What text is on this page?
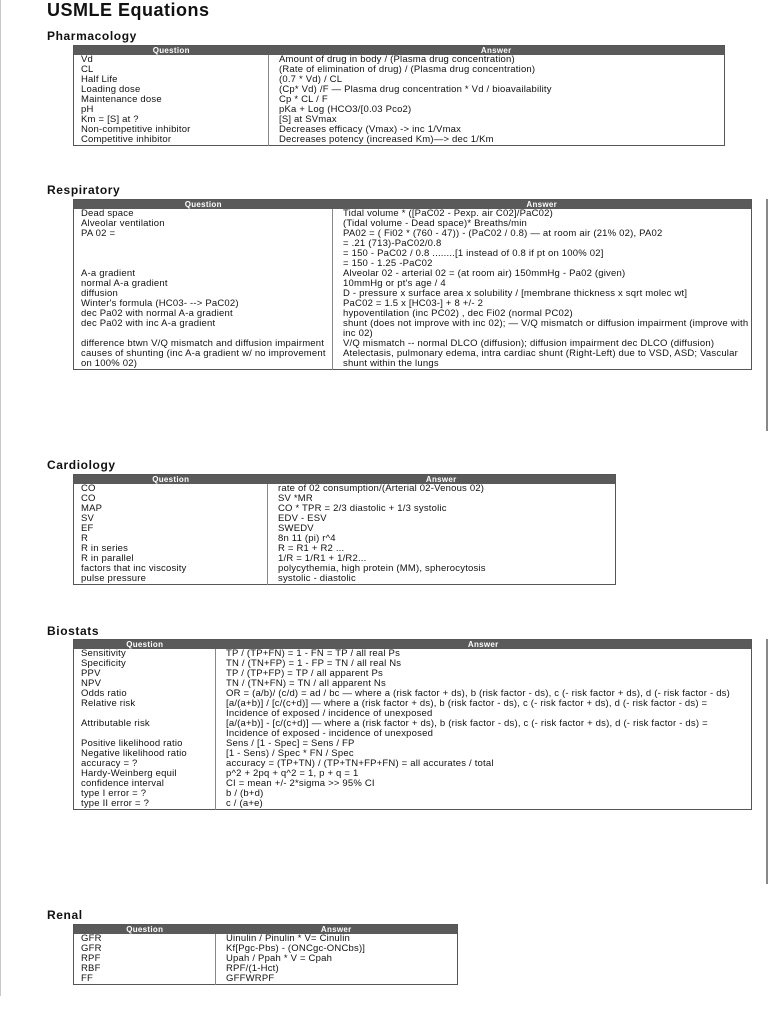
USMLE Equations
Pharmacology
Question	Answer
Vd	Amount of drug in body / (Plasma drug concentration)
CL	(Rate of elimination of drug) / (Plasma drug concentration)
Half Life	(0.7 * Vd) / CL
Loading dose	(Cp* Vd) /F — Plasma drug concentration * Vd / bioavailability
Maintenance dose	Cp * CL / F
pH	pKa + Log (HCO3/[0.03 Pco2)
Km = [S] at ?	[S] at SVmax
Non-competitive inhibitor	Decreases efficacy (Vmax) -> inc 1/Vmax
Competitive inhibitor	Decreases potency (increased Km)—> dec 1/Km
Respiratory
Question	Answer
Dead space	Tidal volume * ([PaC02 - Pexp. air C02]/PaC02)
Alveolar ventilation	(Tidal volume - Dead space)* Breaths/min
PA 02 =	PA02 = ( Fi02 * (760 - 47)) - (PaC02 / 0.8) — at room air (21% 02), PA02
= .21 (713)-PaC02/0.8
= 150 - PaC02 / 0.8 ........[1 instead of 0.8 if pt on 100% 02]
= 150 - 1.25 -PaC02
A-a gradient	Alveolar 02 - arterial 02 = (at room air) 150mmHg - Pa02 (given)
normal A-a gradient	10mmHg or pt's age / 4
diffusion	D - pressure x surface area x solubility / [membrane thickness x sqrt molec wt]
Winter's formula (HC03- --> PaC02)	PaC02 = 1.5 x [HC03-] + 8 +/- 2
dec Pa02 with normal A-a gradient	hypoventilation (inc PC02) , dec Fi02 (normal PC02)
dec Pa02 with inc A-a gradient	shunt (does not improve with inc 02); — V/Q mismatch or diffusion impairment (improve with inc 02)
difference btwn V/Q mismatch and diffusion impairment	V/Q mismatch -- normal DLCO (diffusion); diffusion impairment dec DLCO (diffusion)
causes of shunting (inc A-a gradient w/ no improvement on 100% 02)	Atelectasis, pulmonary edema, intra cardiac shunt (Right-Left) due to VSD, ASD; Vascular shunt within the lungs
Cardiology
Question	Answer
CO	rate of 02 consumption/(Arterial 02-Venous 02)
CO	SV *MR
MAP	CO * TPR = 2/3 diastolic + 1/3 systolic
SV	EDV - ESV
EF	SWEDV
R	8n 11 (pi) r^4
R in series	R = R1 + R2 ...
R in parallel	1/R = 1/R1 + 1/R2...
factors that inc viscosity	polycythemia, high protein (MM), spherocytosis
pulse pressure	systolic - diastolic
Biostats
Question	Answer
Sensitivity	TP / (TP+FN) = 1 - FN = TP / all real Ps
Specificity	TN / (TN+FP) = 1 - FP = TN / all real Ns
PPV	TP / (TP+FP) = TP / all apparent Ps
NPV	TN / (TN+FN) = TN / all apparent Ns
Odds ratio	OR = (a/b)/ (c/d) = ad / bc — where a (risk factor + ds), b (risk factor - ds), c (- risk factor + ds), d (- risk factor - ds)
Relative risk	[a/(a+b)] / [c/(c+d)] — where a (risk factor + ds), b (risk factor - ds), c (- risk factor + ds), d (- risk factor - ds) = Incidence of exposed / incidence of unexposed
Attributable risk	[a/(a+b)] - [c/(c+d)] — where a (risk factor + ds), b (risk factor - ds), c (- risk factor + ds), d (- risk factor - ds) = Incidence of exposed - incidence of unexposed
Positive likelihood ratio	Sens / [1 - Spec] = Sens / FP
Negative likelihood ratio	[1 - Sens) / Spec * FN / Spec
accuracy = ?	accuracy = (TP+TN) / (TP+TN+FP+FN) = all accurates / total
Hardy-Weinberg equil	p^2 + 2pq + q^2 = 1, p + q = 1
confidence interval	CI = mean +/- 2*sigma >> 95% CI
type I error = ?	b / (b+d)
type II error = ?	c / (a+e)
Renal
Question	Answer
GFR	Uinulin / Pinulin * V= Cinulin
GFR	Kf[Pgc-Pbs) - (ONCgc-ONCbs)]
RPF	Upah / Ppah * V = Cpah
RBF	RPF/(1-Hct)
FF	GFFWRPF
